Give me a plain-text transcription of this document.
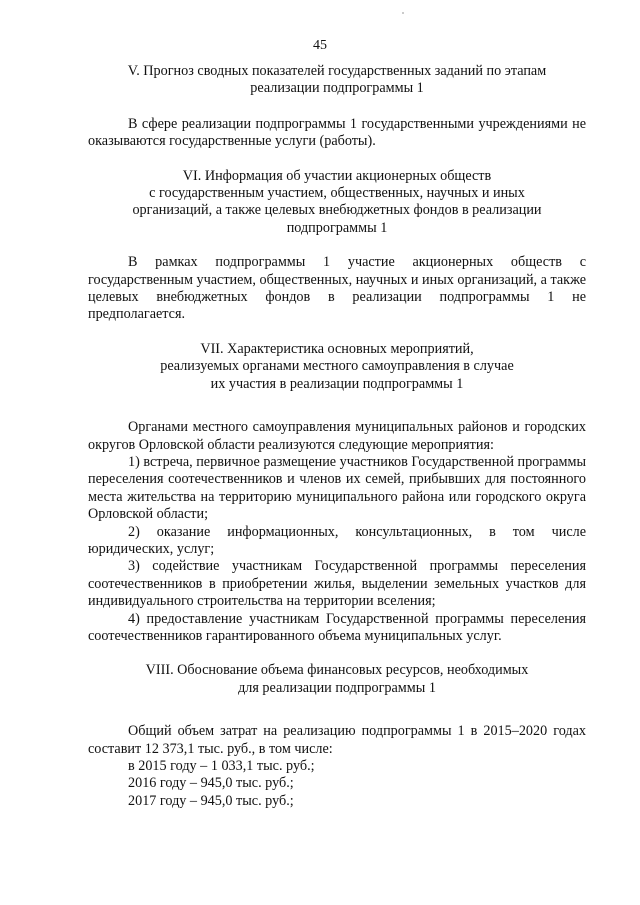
45
V. Прогноз сводных показателей государственных заданий по этапам
реализации подпрограммы 1

В сфере реализации подпрограммы 1 государственными учреждениями не оказываются государственные услуги (работы).

VI. Информация об участии акционерных обществ
с государственным участием, общественных, научных и иных
организаций, а также целевых внебюджетных фондов в реализации
подпрограммы 1

В рамках подпрограммы 1 участие акционерных обществ с государственным участием, общественных, научных и иных организаций, а также целевых внебюджетных фондов в реализации подпрограммы 1 не предполагается.

VII. Характеристика основных мероприятий,
реализуемых органами местного самоуправления в случае
их участия в реализации подпрограммы 1

Органами местного самоуправления муниципальных районов и городских округов Орловской области реализуются следующие мероприятия:

1) встреча, первичное размещение участников Государственной программы переселения соотечественников и членов их семей, прибывших для постоянного места жительства на территорию муниципального района или городского округа Орловской области;

2) оказание информационных, консультационных, в том числе юридических, услуг;

3) содействие участникам Государственной программы переселения соотечественников в приобретении жилья, выделении земельных участков для индивидуального строительства на территории вселения;

4) предоставление участникам Государственной программы переселения соотечественников гарантированного объема муниципальных услуг.

VIII. Обоснование объема финансовых ресурсов, необходимых
для реализации подпрограммы 1

Общий объем затрат на реализацию подпрограммы 1 в 2015–2020 годах составит 12 373,1 тыс. руб., в том числе:

в 2015 году – 1 033,1 тыс. руб.;

2016 году – 945,0 тыс. руб.;

2017 году – 945,0 тыс. руб.;
